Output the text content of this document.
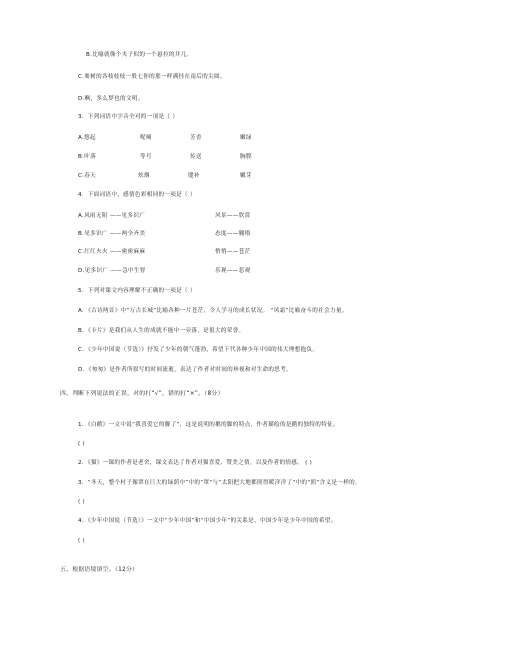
B.比喻就像个夹子似的一个悬拉的井几。
C.栗树的各枝枝枝一股七你的那一样满挂在南后的尖圆。
D.啊，多么梦也的文明。
3．下列词语中字音全对的一项是（ ）
A.悠起	呢喃	芳香	嫩绿
B.叶落	等号	传送	胸膛
C.春天	炊烟	缝补	嫩芽
4．下面词语中，感情色彩相同的一项是（ ）
A.风雨无阻 ——见多识广	风景——欣赏
B.见多识广 ——两全齐美	态度——翱翔
C.红红火火 ——密密麻麻	悄悄——苍茫
D.见多识广 ——急中生智	乐观——悲观
5．下列对课文内容理解不正确的一项是（ ）
A．《古诗两首》中“万古长城”比喻各种一片苍茫，令人学习的成长状况。 “风霜”比喻奋斗的社会力量。
B．《卡片》是我们从人生的成就不能中一旁落，是很大的荣誉。
C．《少年中国说（节选）》抒发了少年的朝气蓬勃，希望下代各种少年中国的伟大理想抱负。
D．《匆匆》是作者所叙写的时间流逝，表达了作者对时间的珍视和对生命的思考。
四、判断下列说法的正误，对的打“√”，错的打“×”。（8分）
1．《白鹅》一文中说“我喜爱它的脚了”，这是说明的鹅的脚的特点，作者描绘的是鹅的独特的特征。
( )
2．《猫》一课的作者是老舍，课文表达了作者对猫喜爱、赞美之情，以及作者的情感。 ( )
3．“冬天，整个村子像罩在巨大的绿荫中”中的“罩”与“太阳把大地都照得暖洋洋了”中的“照”含义是一样的。
( )
4．《少年中国说（节选）》一文中“少年中国”和“中国少年”的关系是，中国少年是少年中国的希望。
( )
五、根据语境填空。（12分）
